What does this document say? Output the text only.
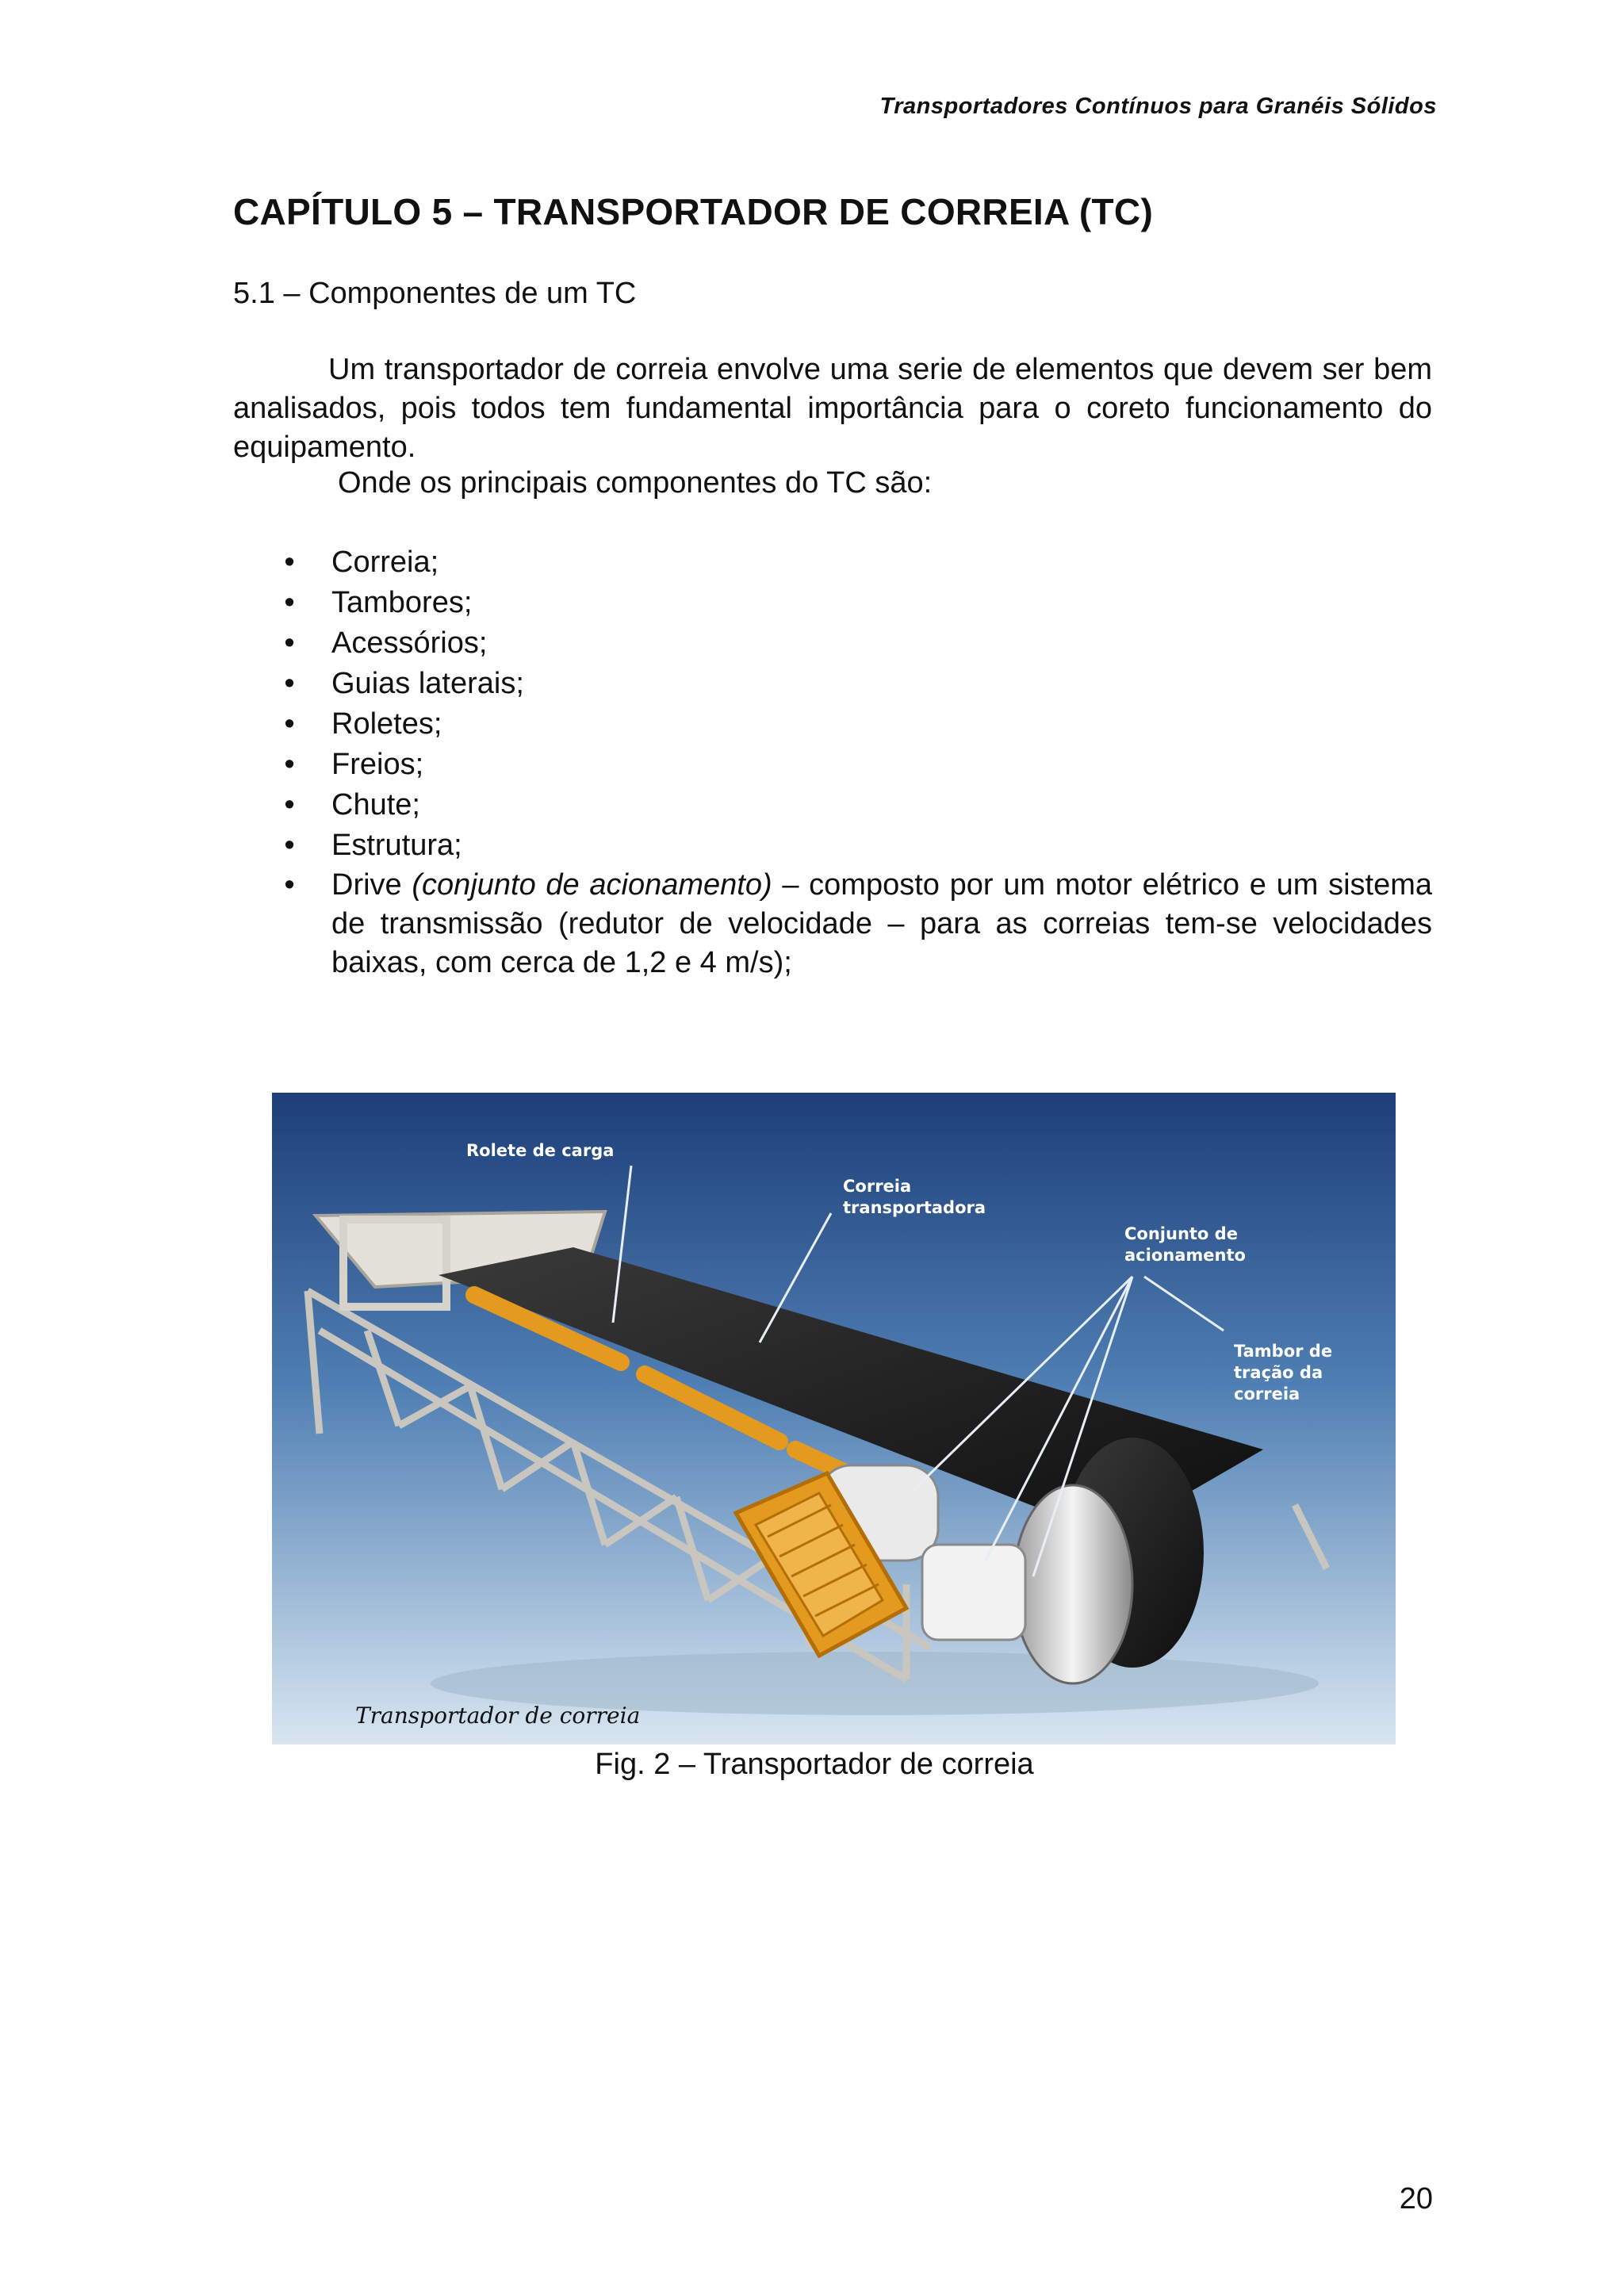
Transportadores Contínuos para Granéis Sólidos
CAPÍTULO 5 – TRANSPORTADOR DE CORREIA (TC)
5.1 – Componentes de um TC

Um transportador de correia envolve uma serie de elementos que devem ser bem analisados, pois todos tem fundamental importância para o coreto funcionamento do equipamento.

Onde os principais componentes do TC são:
• Correia;
• Tambores;
• Acessórios;
• Guias laterais;
• Roletes;
• Freios;
• Chute;
• Estrutura;
• Drive (conjunto de acionamento) – composto por um motor elétrico e um sistema de transmissão (redutor de velocidade – para as correias tem-se velocidades baixas, com cerca de 1,2 e 4 m/s);
Rolete de carga
Correia
transportadora
Conjunto de
acionamento
Tambor de
tração da
correia
Transportador de correia
Fig. 2 – Transportador de correia
20
